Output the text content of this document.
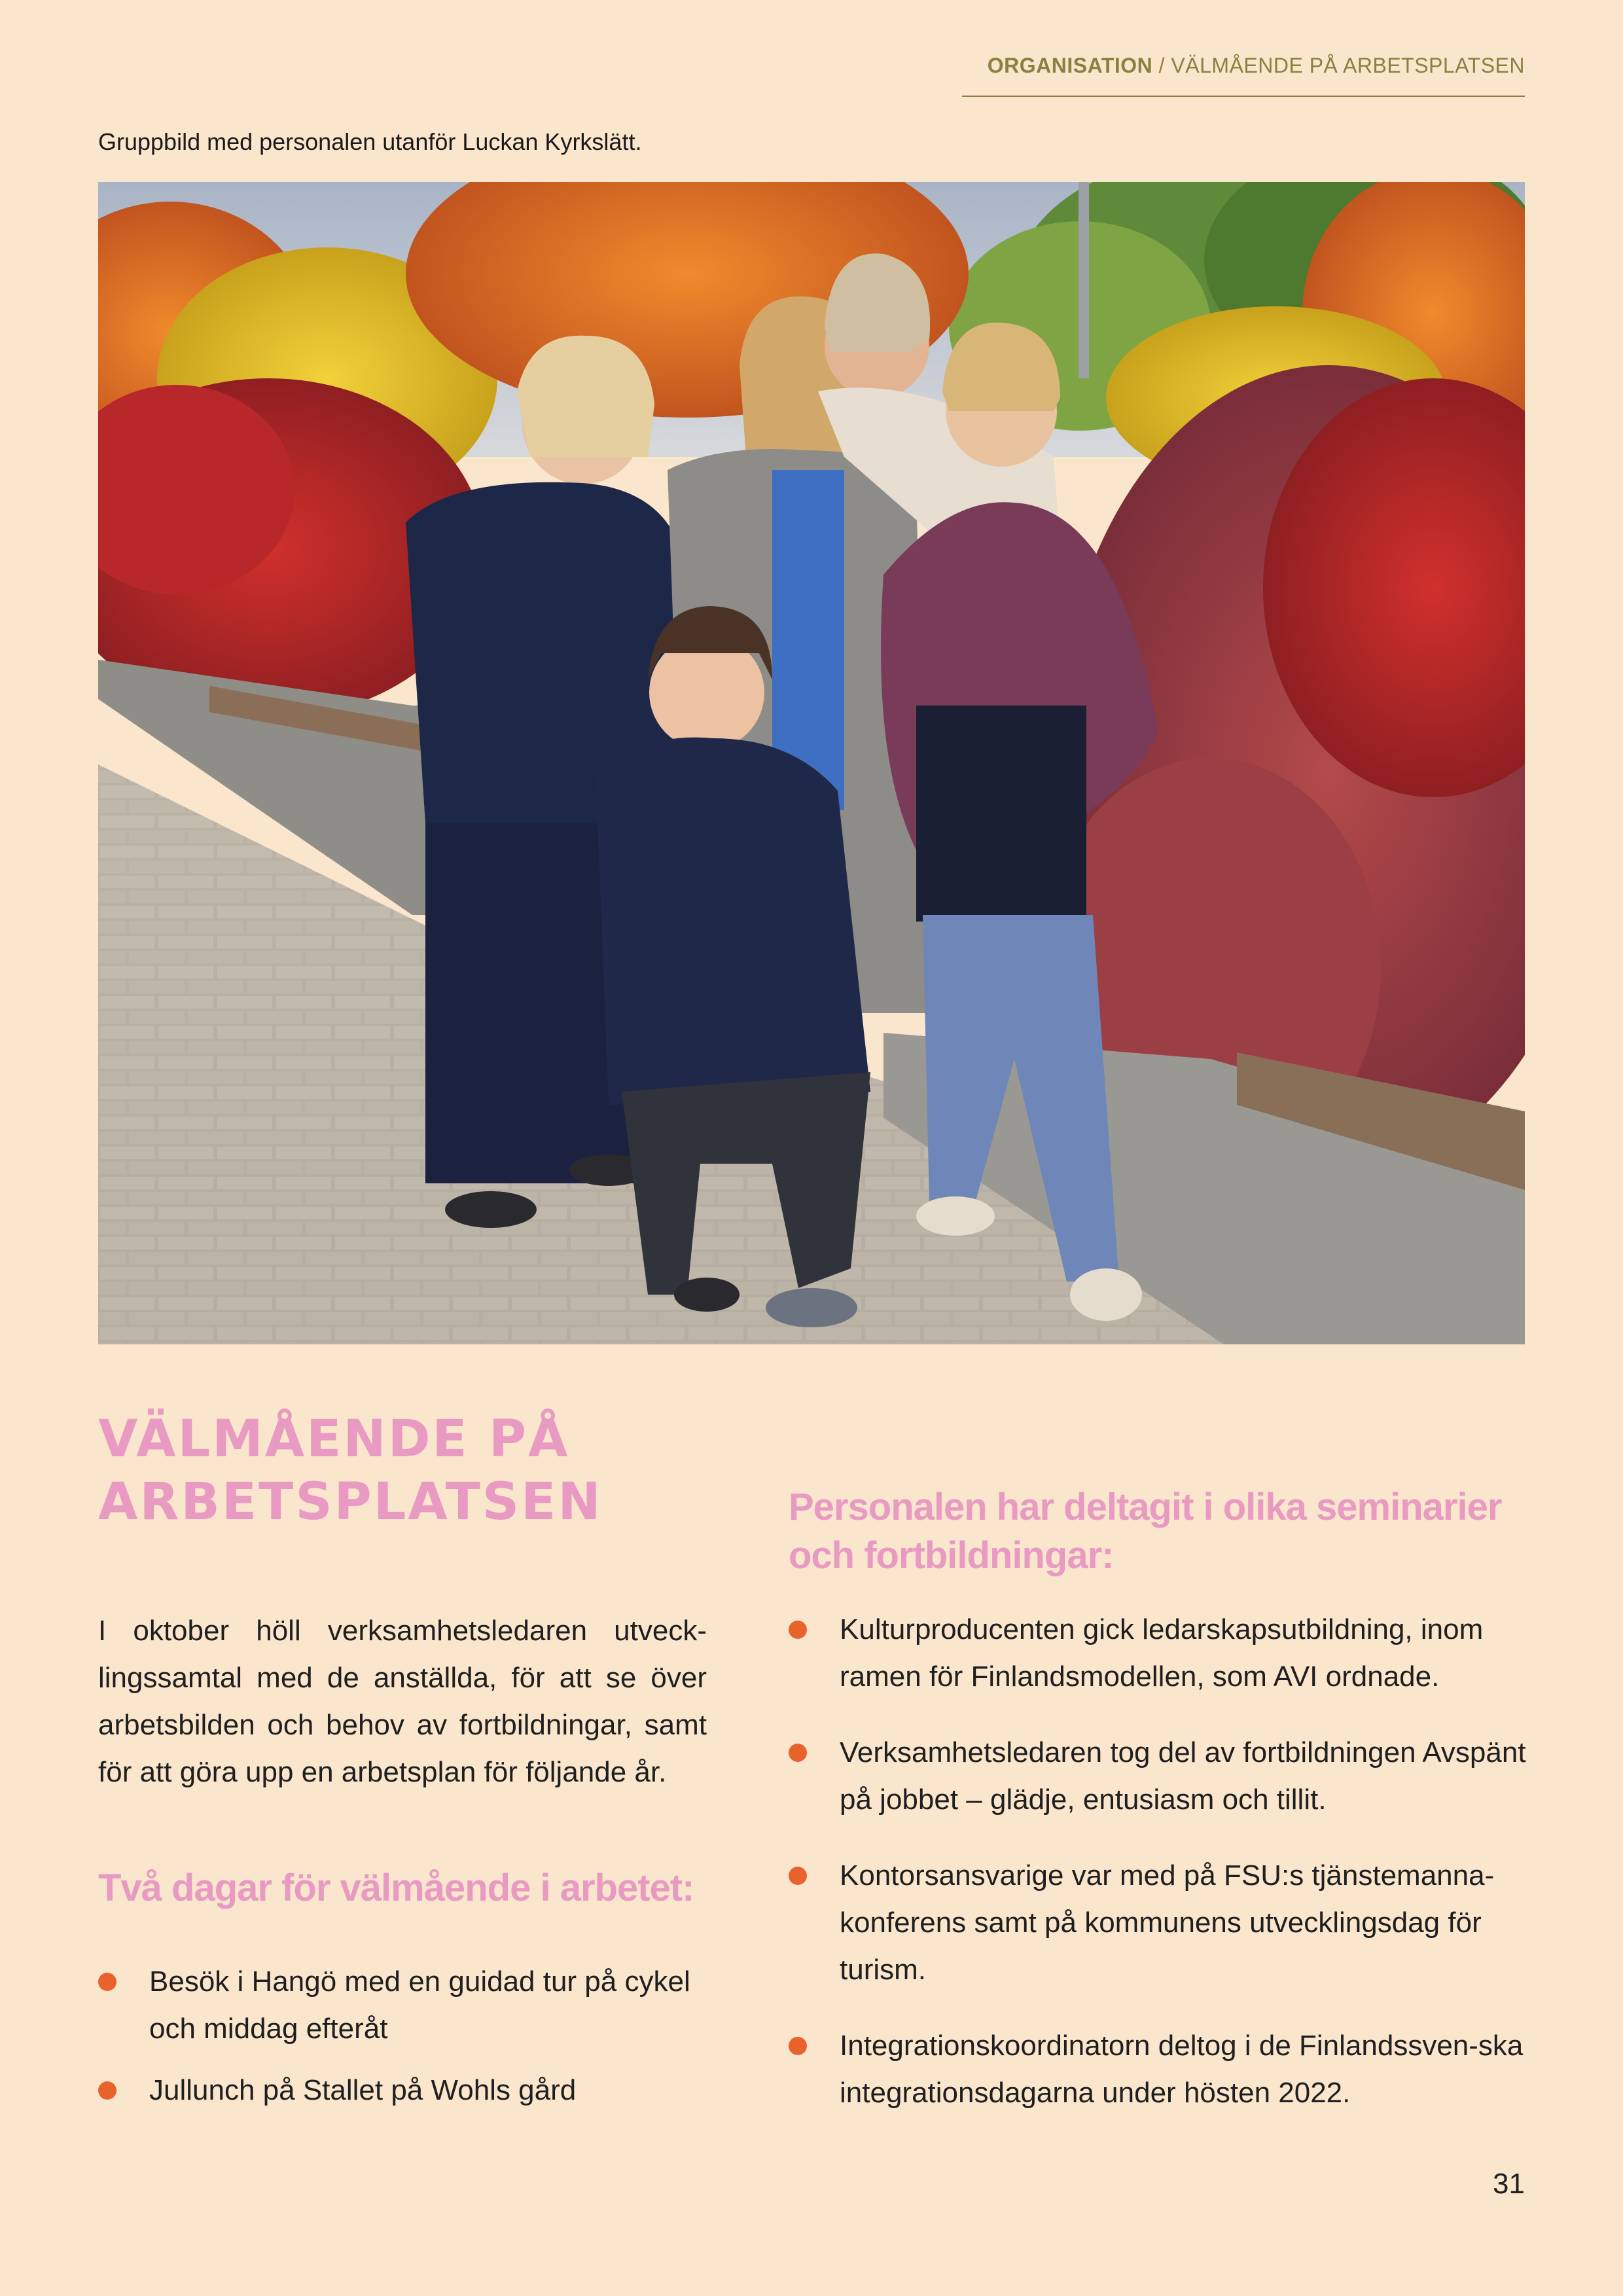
ORGANISATION / VÄLMÅENDE PÅ ARBETSPLATSEN
Gruppbild med personalen utanför Luckan Kyrkslätt.
VÄLMÅENDE PÅ
ARBETSPLATSEN

I oktober höll verksamhetsledaren utveck-lingssamtal med de anställda, för att se över arbetsbilden och behov av fortbildningar, samt för att göra upp en arbetsplan för följande år.

Två dagar för välmående i arbetet:
Besök i Hangö med en guidad tur på cykel och middag efteråt
Jullunch på Stallet på Wohls gård
Personalen har deltagit i olika seminarier och fortbildningar:
Kulturproducenten gick ledarskapsutbildning, inom ramen för Finlandsmodellen, som AVI ordnade.
Verksamhetsledaren tog del av fortbildningen Avspänt på jobbet – glädje, entusiasm och tillit.
Kontorsansvarige var med på FSU:s tjänstemanna-konferens samt på kommunens utvecklingsdag för turism.
Integrationskoordinatorn deltog i de Finlandssven-ska integrationsdagarna under hösten 2022.
31
